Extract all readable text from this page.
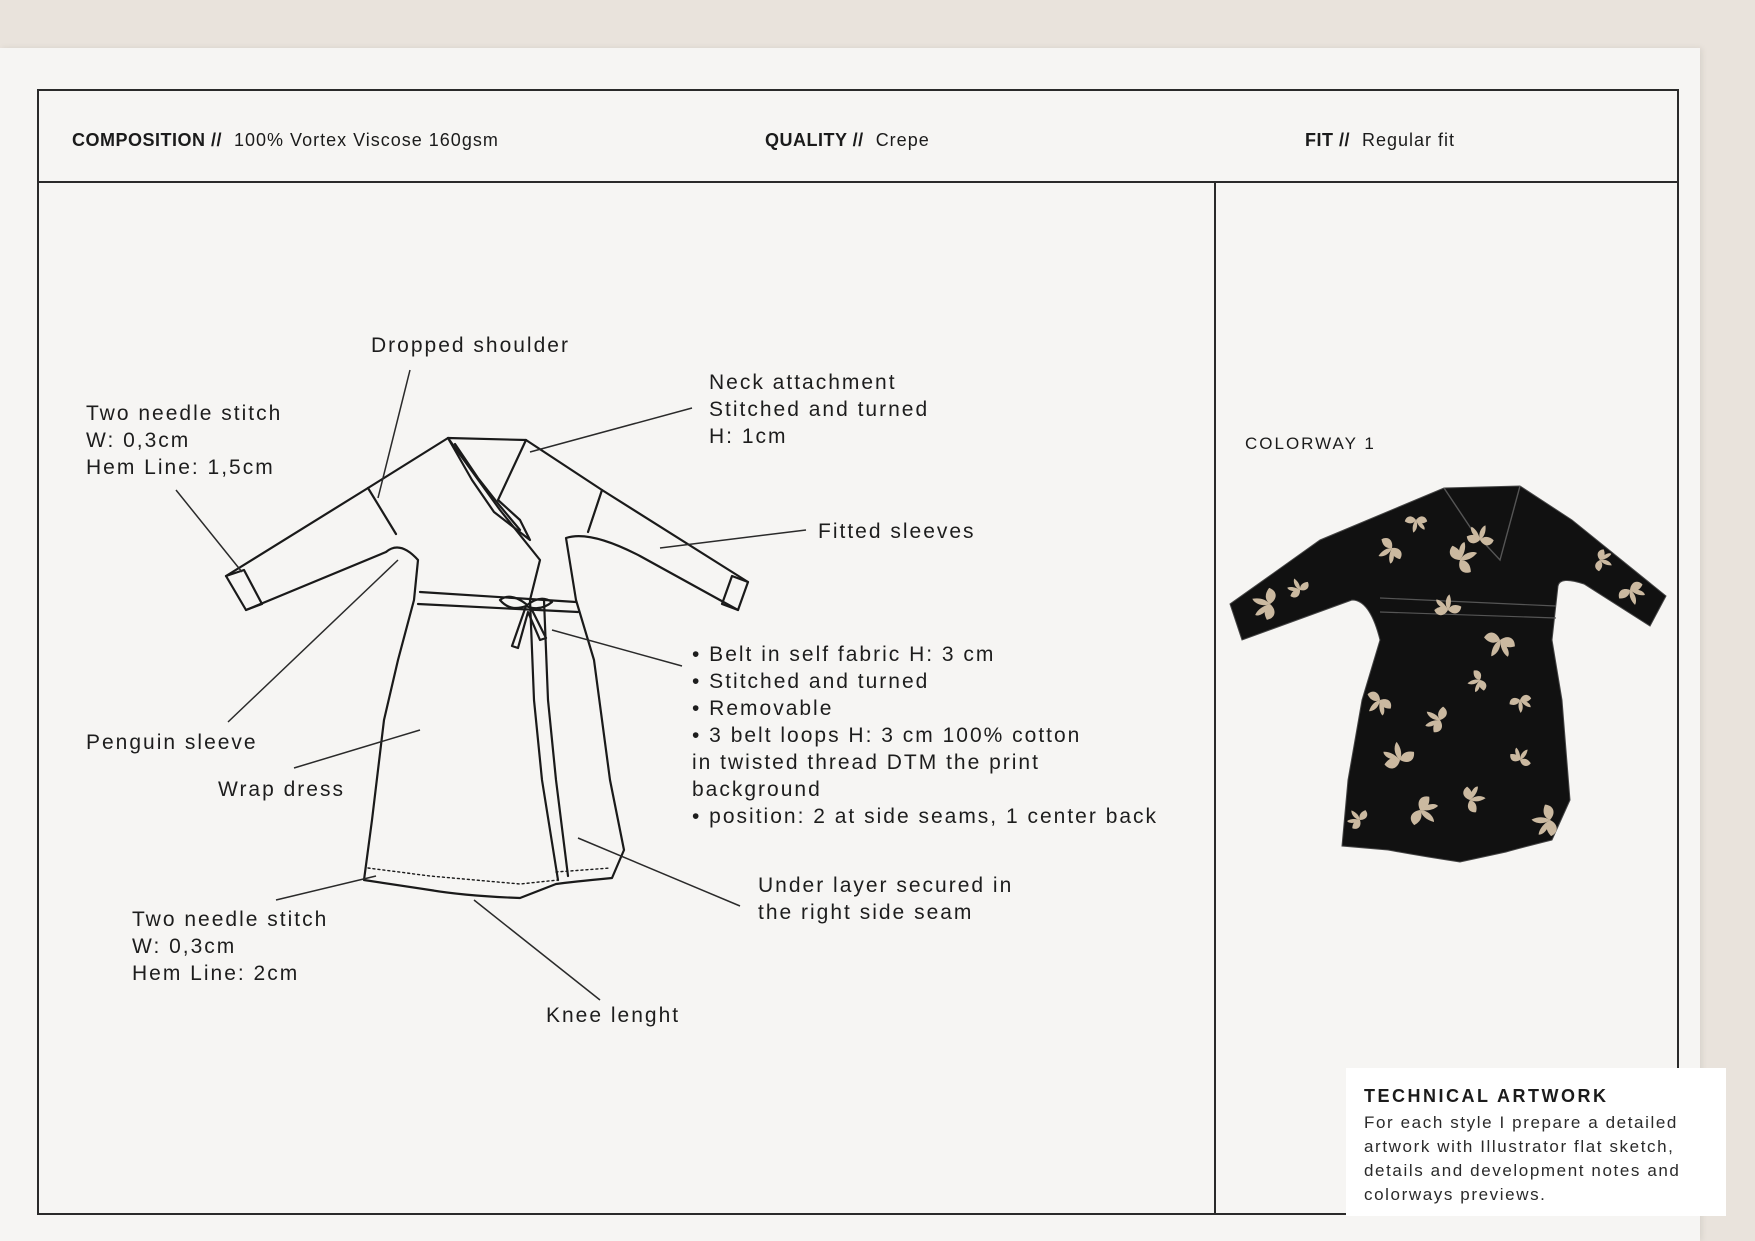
COMPOSITION // 100% Vortex Viscose 160gsm	QUALITY // Crepe	FIT // Regular fit
Dropped shoulder
Two needle stitch
W: 0,3cm
Hem Line: 1,5cm
Neck attachment
Stitched and turned
H: 1cm
Fitted sleeves
• Belt in self fabric H: 3 cm
• Stitched and turned
• Removable
• 3 belt loops H: 3 cm 100% cotton
in twisted thread DTM the print
background
• position: 2 at side seams, 1 center back
Penguin sleeve
Wrap dress
Under layer secured in
the right side seam
Two needle stitch
W: 0,3cm
Hem Line: 2cm
Knee lenght
COLORWAY 1
TECHNICAL ARTWORK
For each style I prepare a detailed artwork with Illustrator flat sketch, details and development notes and colorways previews.
